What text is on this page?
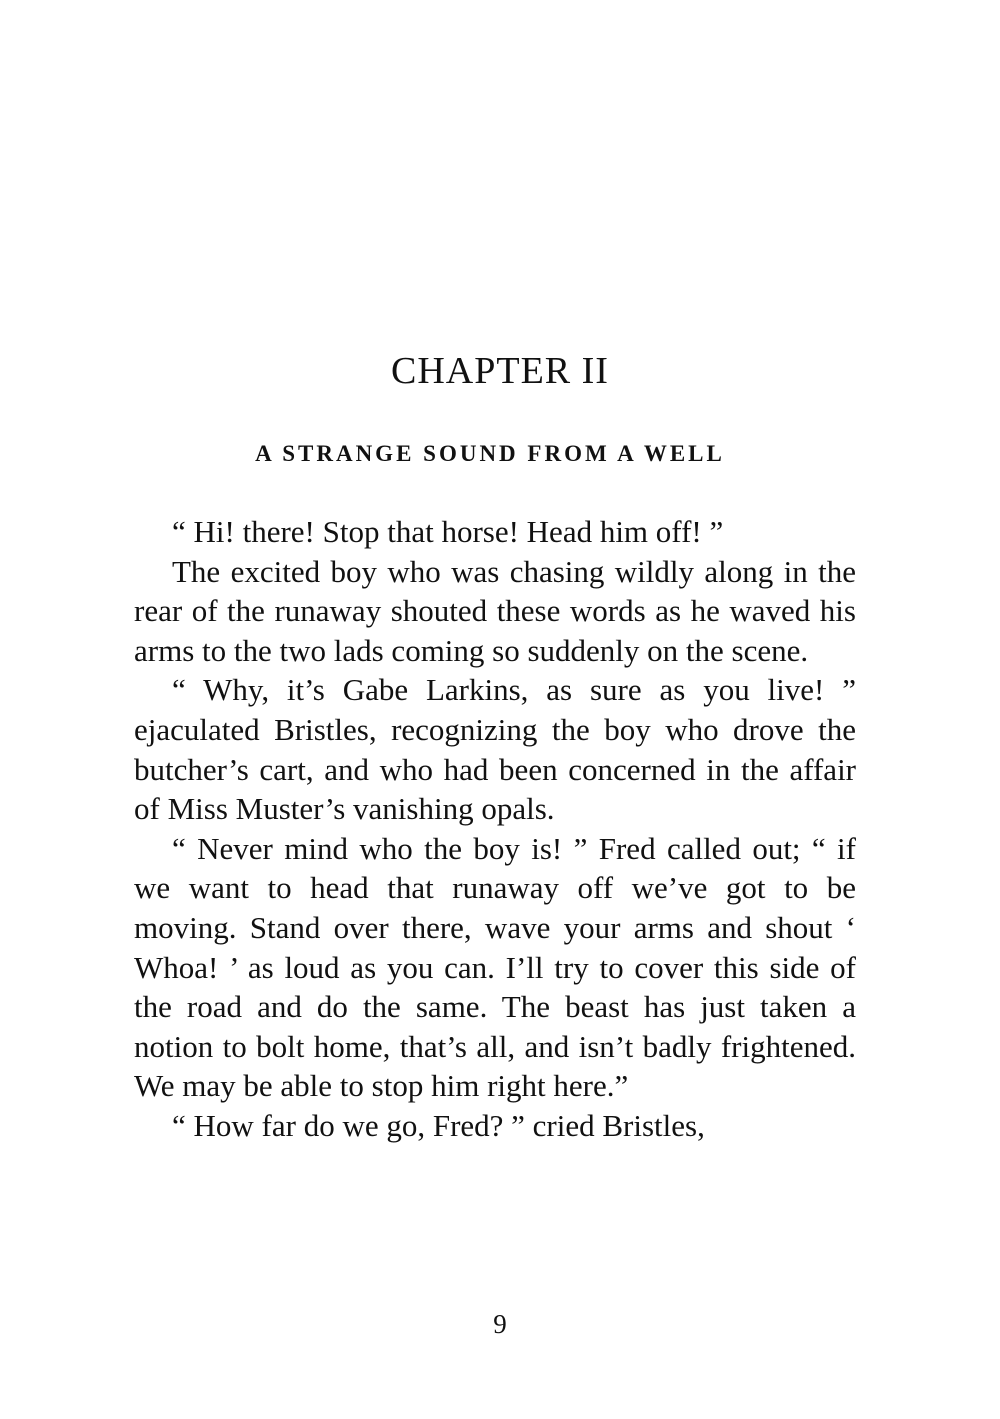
CHAPTER II
A STRANGE SOUND FROM A WELL

“ Hi! there! Stop that horse! Head him off! ”

The excited boy who was chasing wildly along in the rear of the runaway shouted these words as he waved his arms to the two lads coming so suddenly on the scene.

“ Why, it’s Gabe Larkins, as sure as you live! ” ejaculated Bristles, recognizing the boy who drove the butcher’s cart, and who had been concerned in the affair of Miss Muster’s vanishing opals.

“ Never mind who the boy is! ” Fred called out; “ if we want to head that runaway off we’ve got to be moving. Stand over there, wave your arms and shout ‘ Whoa! ’ as loud as you can. I’ll try to cover this side of the road and do the same. The beast has just taken a notion to bolt home, that’s all, and isn’t badly frightened. We may be able to stop him right here.”

“ How far do we go, Fred? ” cried Bristles,

9
